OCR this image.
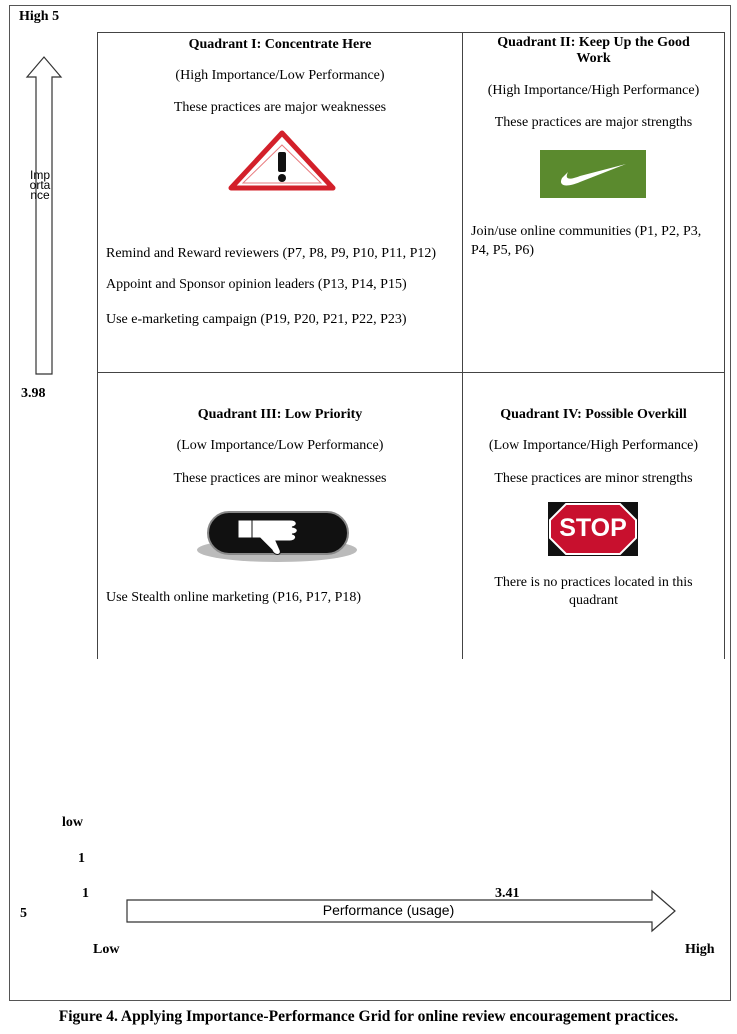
High 5
3.98
Importance
Quadrant I: Concentrate Here
(High Importance/Low Performance)
These practices are major weaknesses
Remind and Reward reviewers (P7, P8, P9, P10, P11, P12)
Appoint and Sponsor opinion leaders (P13, P14, P15)
Use e-marketing campaign (P19, P20, P21, P22, P23)
Quadrant II: Keep Up the Good Work
(High Importance/High Performance)
These practices are major strengths
Join/use online communities (P1, P2, P3, P4, P5, P6)
Quadrant III: Low Priority
(Low Importance/Low Performance)
These practices are minor weaknesses
Use Stealth online marketing (P16, P17, P18)
Quadrant IV: Possible Overkill
(Low Importance/High Performance)
These practices are minor strengths
STOP
There is no practices located in this quadrant
low
1
1
5
3.41
Low	High
Performance (usage)
Figure 4. Applying Importance-Performance Grid for online review encouragement practices.
